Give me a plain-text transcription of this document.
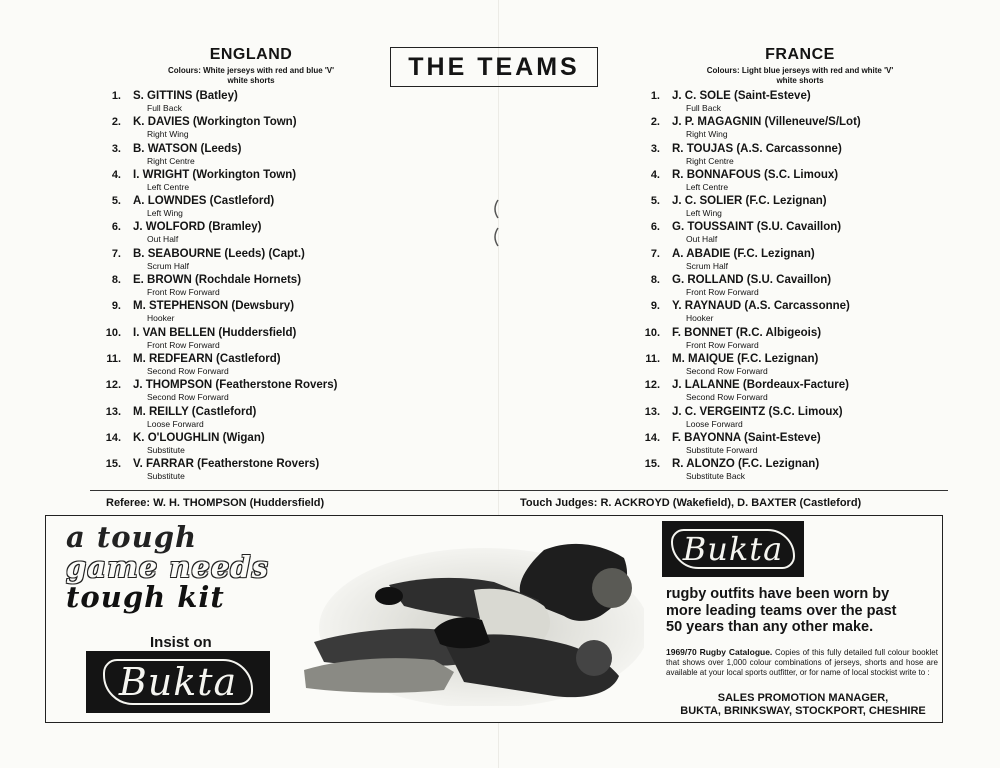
ENGLAND

Colours: White jerseys with red and blue 'V'
white shorts

1. S. GITTINS (Batley)
Full Back
2. K. DAVIES (Workington Town)
Right Wing
3. B. WATSON (Leeds)
Right Centre
4. I. WRIGHT (Workington Town)
Left Centre
5. A. LOWNDES (Castleford)
Left Wing
6. J. WOLFORD (Bramley)
Out Half
7. B. SEABOURNE (Leeds) (Capt.)
Scrum Half
8. E. BROWN (Rochdale Hornets)
Front Row Forward
9. M. STEPHENSON (Dewsbury)
Hooker
10. I. VAN BELLEN (Huddersfield)
Front Row Forward
11. M. REDFEARN (Castleford)
Second Row Forward
12. J. THOMPSON (Featherstone Rovers)
Second Row Forward
13. M. REILLY (Castleford)
Loose Forward
14. K. O'LOUGHLIN (Wigan)
Substitute
15. V. FARRAR (Featherstone Rovers)
Substitute
THE TEAMS	FRANCE

Colours: Light blue jerseys with red and white 'V'
white shorts

1. J. C. SOLE (Saint-Esteve)
Full Back
2. J. P. MAGAGNIN (Villeneuve/S/Lot)
Right Wing
3. R. TOUJAS (A.S. Carcassonne)
Right Centre
4. R. BONNAFOUS (S.C. Limoux)
Left Centre
5. J. C. SOLIER (F.C. Lezignan)
Left Wing
6. G. TOUSSAINT (S.U. Cavaillon)
Out Half
7. A. ABADIE (F.C. Lezignan)
Scrum Half
8. G. ROLLAND (S.U. Cavaillon)
Front Row Forward
9. Y. RAYNAUD (A.S. Carcassonne)
Hooker
10. F. BONNET (R.C. Albigeois)
Front Row Forward
11. M. MAIQUE (F.C. Lezignan)
Second Row Forward
12. J. LALANNE (Bordeaux-Facture)
Second Row Forward
13. J. C. VERGEINTZ (S.C. Limoux)
Loose Forward
14. F. BAYONNA (Saint-Esteve)
Substitute Forward
15. R. ALONZO (F.C. Lezignan)
Substitute Back
Referee: W. H. THOMPSON (Huddersfield)	Touch Judges: R. ACKROYD (Wakefield), D. BAXTER (Castleford)
a tough
game needs
tough kit
Insist on
Bukta
Bukta
rugby outfits have been worn by
more leading teams over the past
50 years than any other make.

1969/70 Rugby Catalogue. Copies of this fully detailed full colour booklet that shows over 1,000 colour combinations of jerseys, shorts and hose are available at your local sports outfitter, or for name of local stockist write to :

SALES PROMOTION MANAGER,
BUKTA, BRINKSWAY, STOCKPORT, CHESHIRE
